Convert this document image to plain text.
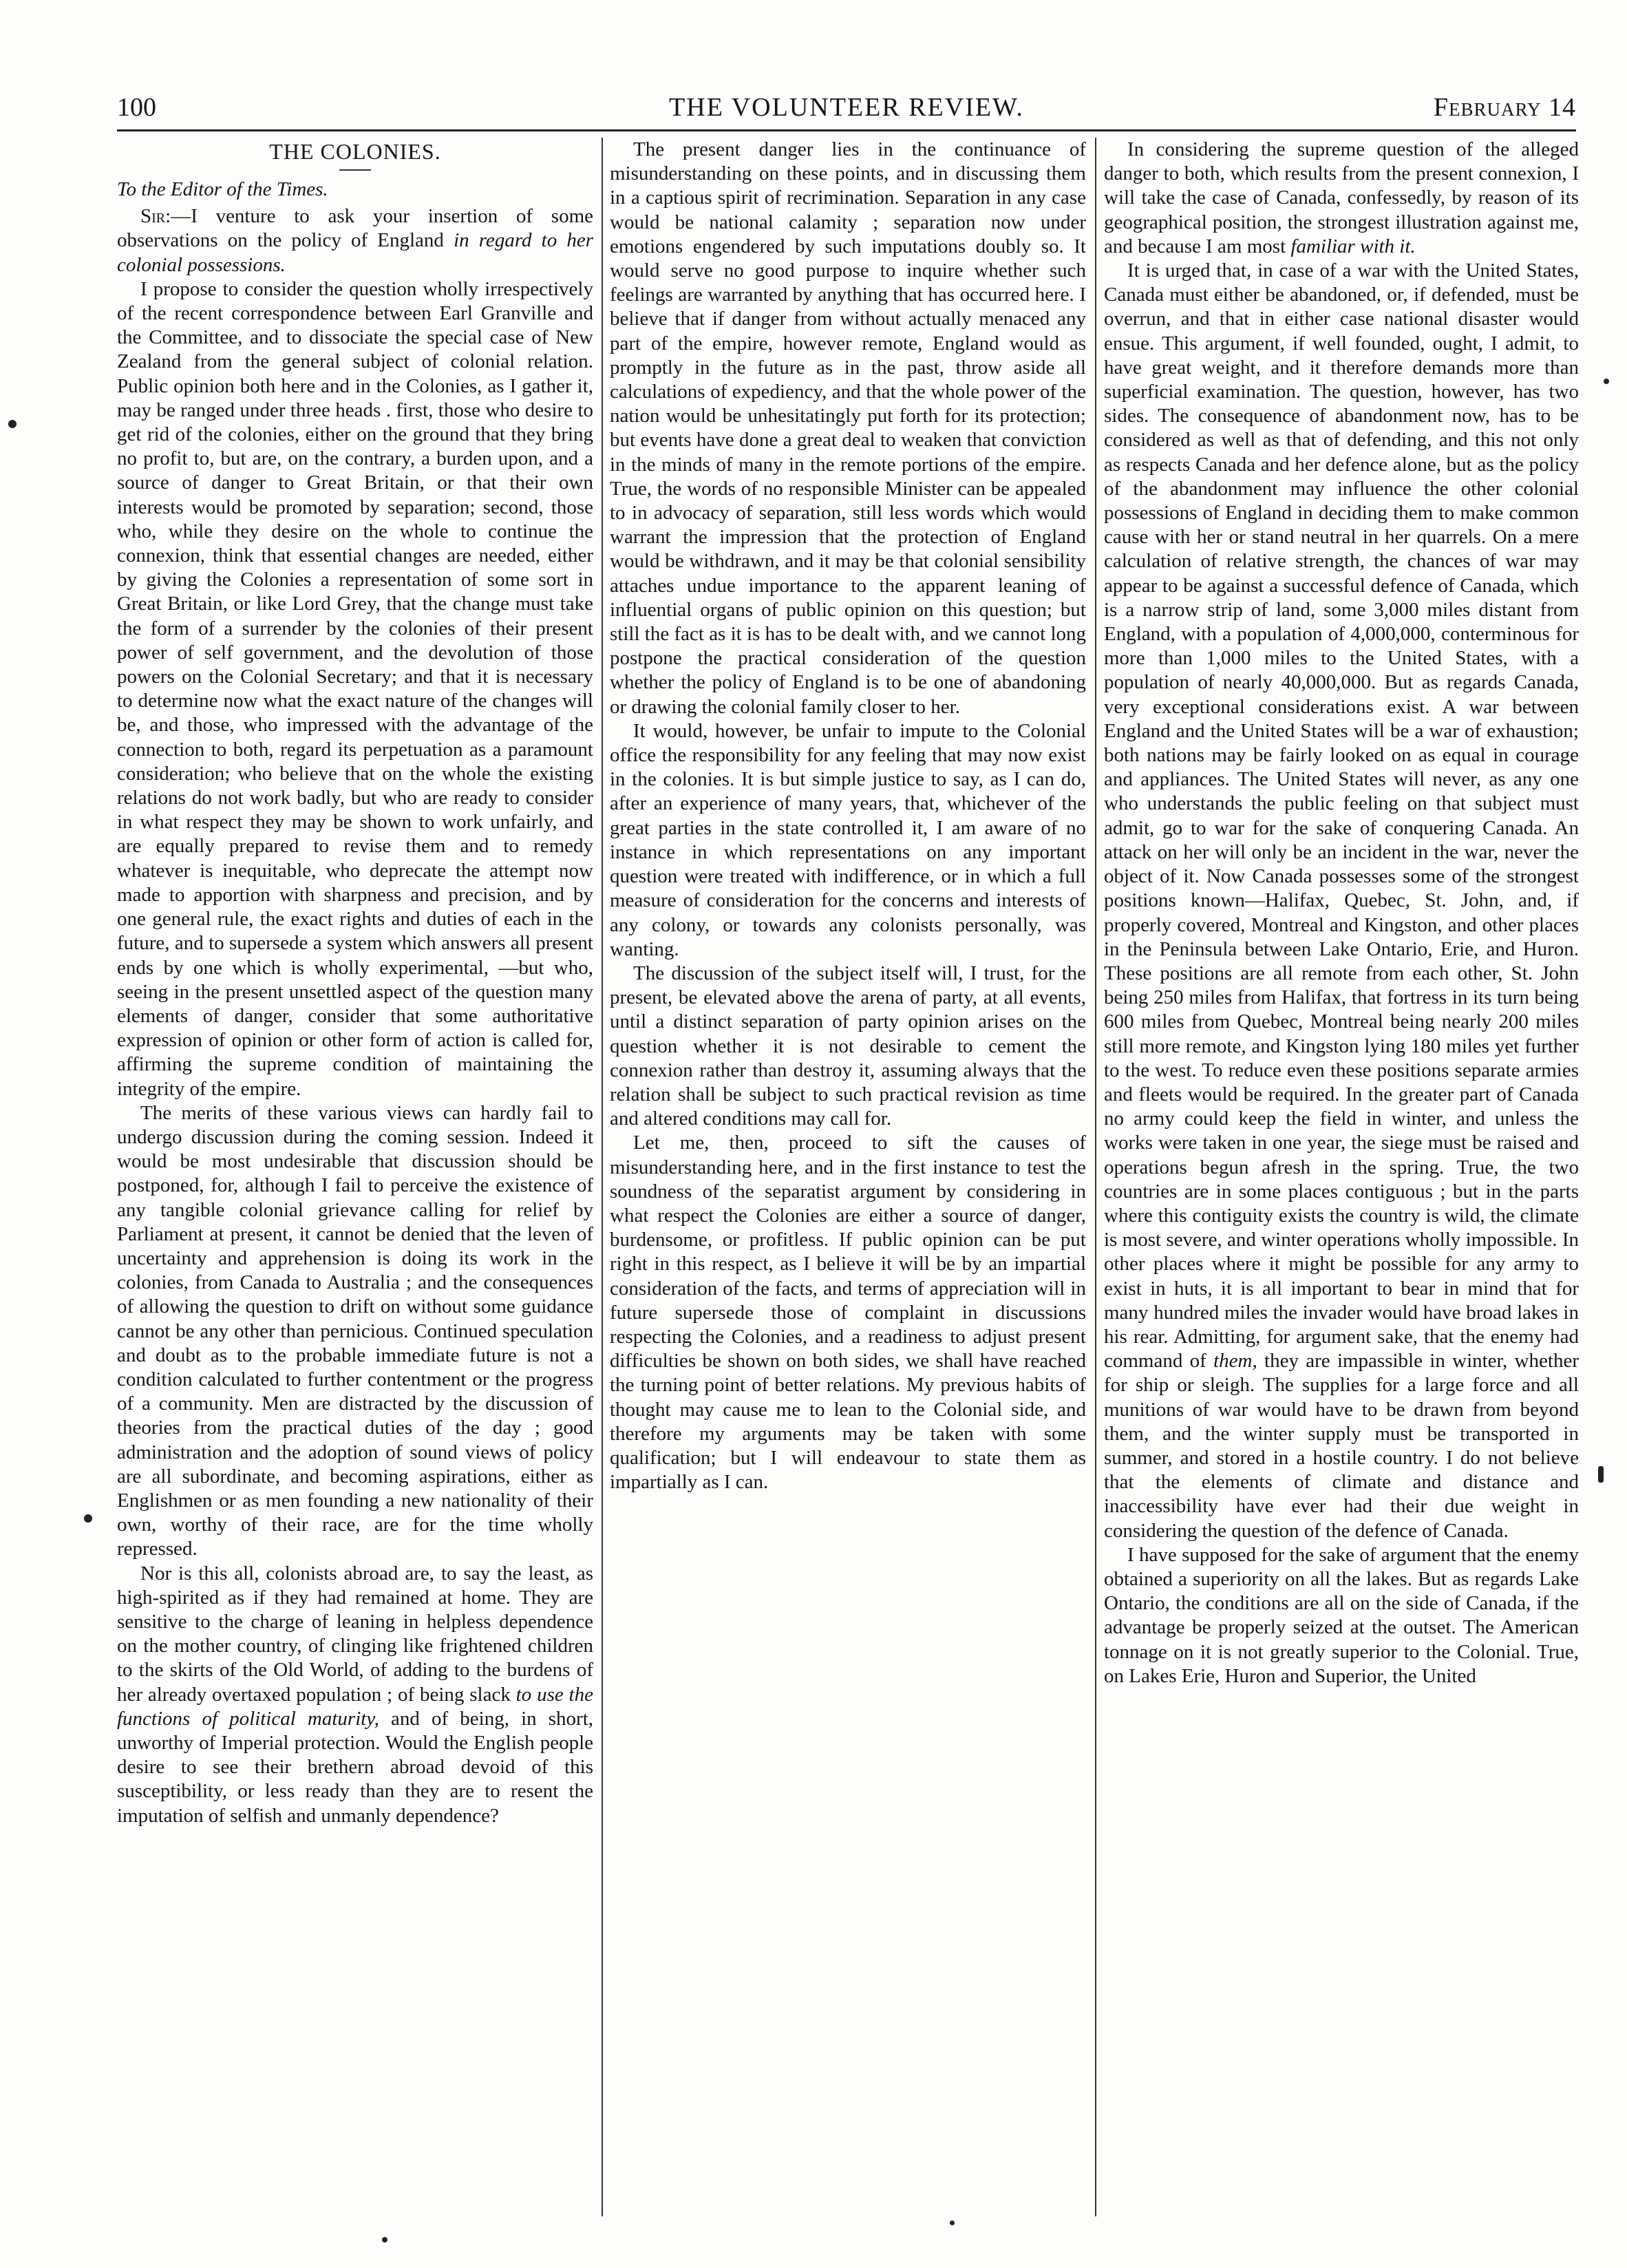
100	THE VOLUNTEER REVIEW.	February 14
THE COLONIES.

To the Editor of the Times.

Sir:—I venture to ask your insertion of some observations on the policy of England in regard to her colonial possessions.

I propose to consider the question wholly irrespectively of the recent correspondence between Earl Granville and the Committee, and to dissociate the special case of New Zealand from the general subject of colonial relation. Public opinion both here and in the Colonies, as I gather it, may be ranged under three heads . first, those who desire to get rid of the colonies, either on the ground that they bring no profit to, but are, on the contrary, a burden upon, and a source of danger to Great Britain, or that their own interests would be promoted by separation; second, those who, while they desire on the whole to continue the connexion, think that essential changes are needed, either by giving the Colonies a representation of some sort in Great Britain, or like Lord Grey, that the change must take the form of a surrender by the colonies of their present power of self government, and the devolution of those powers on the Colonial Secretary; and that it is necessary to determine now what the exact nature of the changes will be, and those, who impressed with the advantage of the connection to both, regard its perpetuation as a paramount consideration; who believe that on the whole the existing relations do not work badly, but who are ready to consider in what respect they may be shown to work unfairly, and are equally prepared to revise them and to remedy whatever is inequitable, who deprecate the attempt now made to apportion with sharpness and precision, and by one general rule, the exact rights and duties of each in the future, and to supersede a system which answers all present ends by one which is wholly experimental, —but who, seeing in the present unsettled aspect of the question many elements of danger, consider that some authoritative expression of opinion or other form of action is called for, affirming the supreme condition of maintaining the integrity of the empire.

The merits of these various views can hardly fail to undergo discussion during the coming session. Indeed it would be most undesirable that discussion should be postponed, for, although I fail to perceive the existence of any tangible colonial grievance calling for relief by Parliament at present, it cannot be denied that the leven of uncertainty and apprehension is doing its work in the colonies, from Canada to Australia ; and the consequences of allowing the question to drift on without some guidance cannot be any other than pernicious. Continued speculation and doubt as to the probable immediate future is not a condition calculated to further contentment or the progress of a community. Men are distracted by the discussion of theories from the practical duties of the day ; good administration and the adoption of sound views of policy are all subordinate, and becoming aspirations, either as Englishmen or as men founding a new nationality of their own, worthy of their race, are for the time wholly repressed.

Nor is this all, colonists abroad are, to say the least, as high-spirited as if they had remained at home. They are sensitive to the charge of leaning in helpless dependence on the mother country, of clinging like frightened children to the skirts of the Old World, of adding to the burdens of her already overtaxed population ; of being slack to use the functions of political maturity, and of being, in short, unworthy of Imperial protection. Would the English people desire to see their brethern abroad devoid of this susceptibility, or less ready than they are to resent the imputation of selfish and unmanly dependence?

The present danger lies in the continuance of misunderstanding on these points, and in discussing them in a captious spirit of recrimination. Separation in any case would be national calamity ; separation now under emotions engendered by such imputations doubly so. It would serve no good purpose to inquire whether such feelings are warranted by anything that has occurred here. I believe that if danger from without actually menaced any part of the empire, however remote, England would as promptly in the future as in the past, throw aside all calculations of expediency, and that the whole power of the nation would be unhesitatingly put forth for its protection; but events have done a great deal to weaken that conviction in the minds of many in the remote portions of the empire. True, the words of no responsible Minister can be appealed to in advocacy of separation, still less words which would warrant the impression that the protection of England would be withdrawn, and it may be that colonial sensibility attaches undue importance to the apparent leaning of influential organs of public opinion on this question; but still the fact as it is has to be dealt with, and we cannot long postpone the practical consideration of the question whether the policy of England is to be one of abandoning or drawing the colonial family closer to her.

It would, however, be unfair to impute to the Colonial office the responsibility for any feeling that may now exist in the colonies. It is but simple justice to say, as I can do, after an experience of many years, that, whichever of the great parties in the state controlled it, I am aware of no instance in which representations on any important question were treated with indifference, or in which a full measure of consideration for the concerns and interests of any colony, or towards any colonists personally, was wanting.

The discussion of the subject itself will, I trust, for the present, be elevated above the arena of party, at all events, until a distinct separation of party opinion arises on the question whether it is not desirable to cement the connexion rather than destroy it, assuming always that the relation shall be subject to such practical revision as time and altered conditions may call for.

Let me, then, proceed to sift the causes of misunderstanding here, and in the first instance to test the soundness of the separatist argument by considering in what respect the Colonies are either a source of danger, burdensome, or profitless. If public opinion can be put right in this respect, as I believe it will be by an impartial consideration of the facts, and terms of appreciation will in future supersede those of complaint in discussions respecting the Colonies, and a readiness to adjust present difficulties be shown on both sides, we shall have reached the turning point of better relations. My previous habits of thought may cause me to lean to the Colonial side, and therefore my arguments may be taken with some qualification; but I will endeavour to state them as impartially as I can.

In considering the supreme question of the alleged danger to both, which results from the present connexion, I will take the case of Canada, confessedly, by reason of its geographical position, the strongest illustration against me, and because I am most familiar with it.

It is urged that, in case of a war with the United States, Canada must either be abandoned, or, if defended, must be overrun, and that in either case national disaster would ensue. This argument, if well founded, ought, I admit, to have great weight, and it therefore demands more than superficial examination. The question, however, has two sides. The consequence of abandonment now, has to be considered as well as that of defending, and this not only as respects Canada and her defence alone, but as the policy of the abandonment may influence the other colonial possessions of England in deciding them to make common cause with her or stand neutral in her quarrels. On a mere calculation of relative strength, the chances of war may appear to be against a successful defence of Canada, which is a narrow strip of land, some 3,000 miles distant from England, with a population of 4,000,000, conterminous for more than 1,000 miles to the United States, with a population of nearly 40,000,000. But as regards Canada, very exceptional considerations exist. A war between England and the United States will be a war of exhaustion; both nations may be fairly looked on as equal in courage and appliances. The United States will never, as any one who understands the public feeling on that subject must admit, go to war for the sake of conquering Canada. An attack on her will only be an incident in the war, never the object of it. Now Canada possesses some of the strongest positions known—Halifax, Quebec, St. John, and, if properly covered, Montreal and Kingston, and other places in the Peninsula between Lake Ontario, Erie, and Huron. These positions are all remote from each other, St. John being 250 miles from Halifax, that fortress in its turn being 600 miles from Quebec, Montreal being nearly 200 miles still more remote, and Kingston lying 180 miles yet further to the west. To reduce even these positions separate armies and fleets would be required. In the greater part of Canada no army could keep the field in winter, and unless the works were taken in one year, the siege must be raised and operations begun afresh in the spring. True, the two countries are in some places contiguous ; but in the parts where this contiguity exists the country is wild, the climate is most severe, and winter operations wholly impossible. In other places where it might be possible for any army to exist in huts, it is all important to bear in mind that for many hundred miles the invader would have broad lakes in his rear. Admitting, for argument sake, that the enemy had command of them, they are impassible in winter, whether for ship or sleigh. The supplies for a large force and all munitions of war would have to be drawn from beyond them, and the winter supply must be transported in summer, and stored in a hostile country. I do not believe that the elements of climate and distance and inaccessibility have ever had their due weight in considering the question of the defence of Canada.

I have supposed for the sake of argument that the enemy obtained a superiority on all the lakes. But as regards Lake Ontario, the conditions are all on the side of Canada, if the advantage be properly seized at the outset. The American tonnage on it is not greatly superior to the Colonial. True, on Lakes Erie, Huron and Superior, the United
